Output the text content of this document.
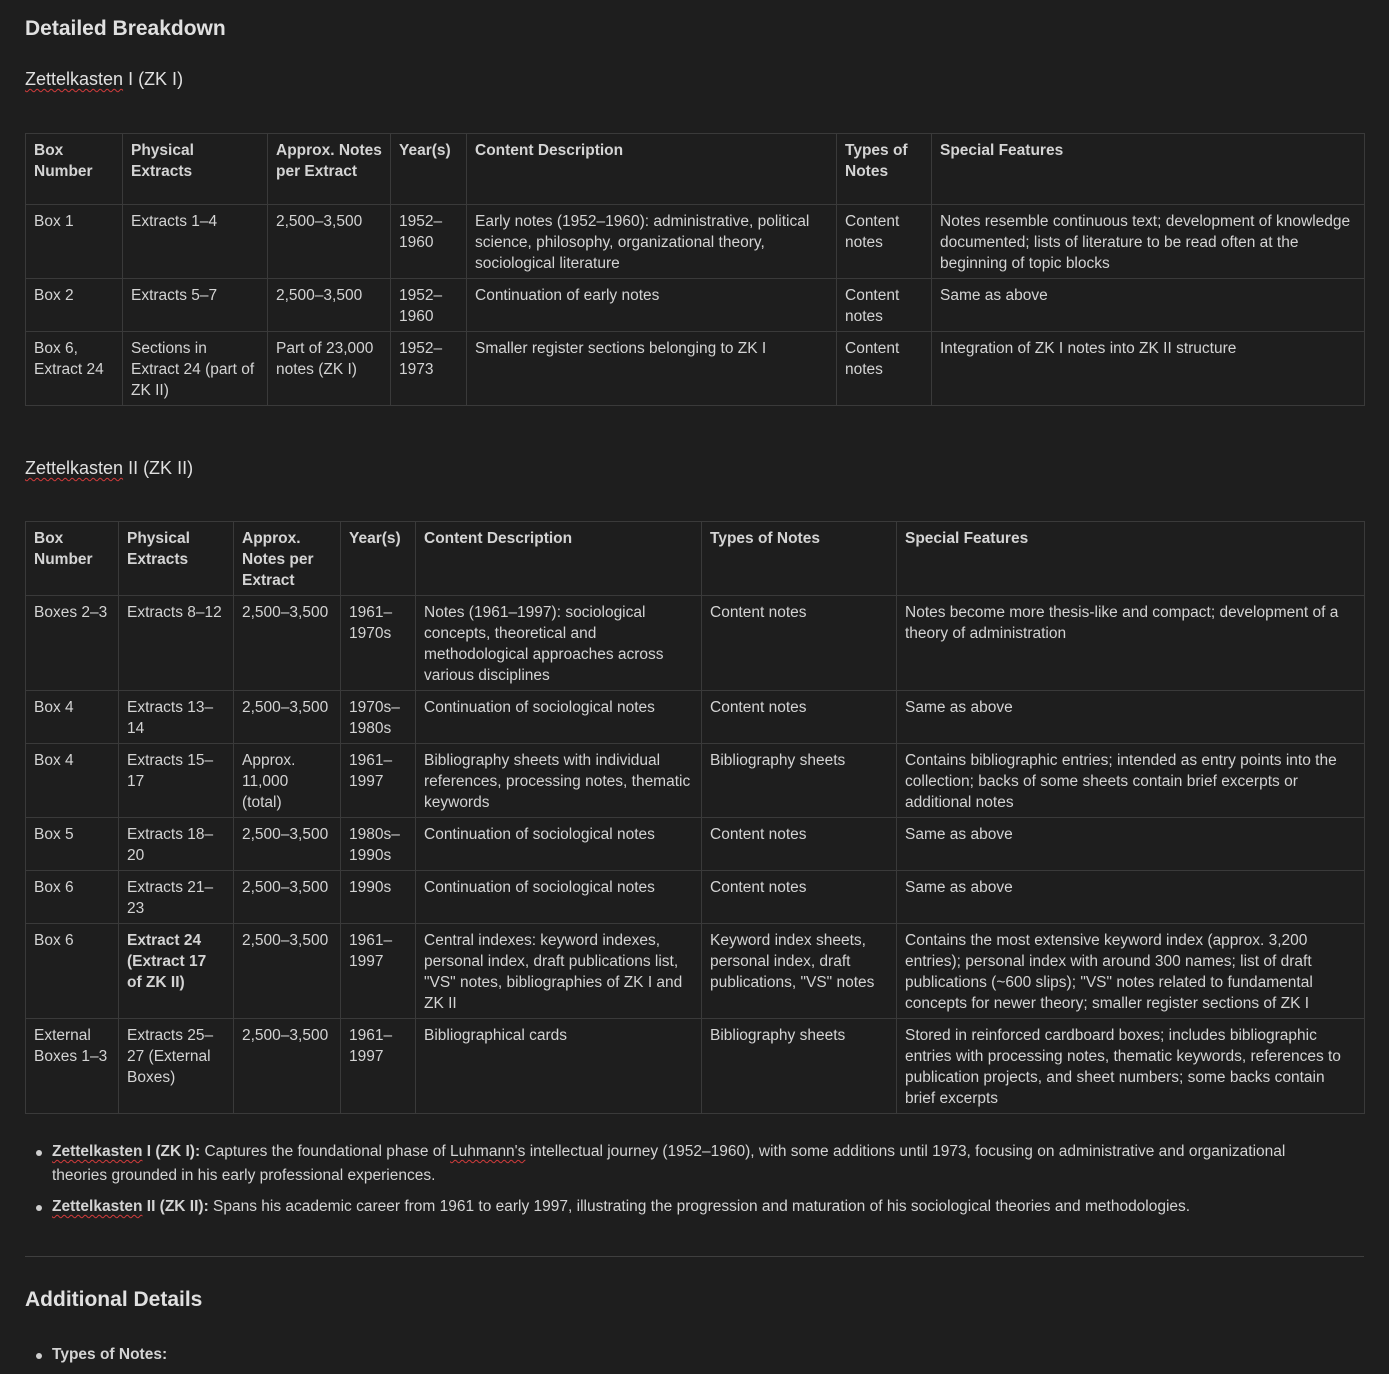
Detailed Breakdown
Zettelkasten I (ZK I)
Box Number	Physical Extracts	Approx. Notes per Extract	Year(s)	Content Description	Types of Notes	Special Features
Box 1	Extracts 1–4	2,500–3,500	1952–1960	Early notes (1952–1960): administrative, political science, philosophy, organizational theory, sociological literature	Content notes	Notes resemble continuous text; development of knowledge documented; lists of literature to be read often at the beginning of topic blocks
Box 2	Extracts 5–7	2,500–3,500	1952–1960	Continuation of early notes	Content notes	Same as above
Box 6, Extract 24	Sections in Extract 24 (part of ZK II)	Part of 23,000 notes (ZK I)	1952–1973	Smaller register sections belonging to ZK I	Content notes	Integration of ZK I notes into ZK II structure
Zettelkasten II (ZK II)
Box Number	Physical Extracts	Approx. Notes per Extract	Year(s)	Content Description	Types of Notes	Special Features
Boxes 2–3	Extracts 8–12	2,500–3,500	1961–1970s	Notes (1961–1997): sociological concepts, theoretical and methodological approaches across various disciplines	Content notes	Notes become more thesis-like and compact; development of a theory of administration
Box 4	Extracts 13–14	2,500–3,500	1970s–1980s	Continuation of sociological notes	Content notes	Same as above
Box 4	Extracts 15–17	Approx. 11,000 (total)	1961–1997	Bibliography sheets with individual references, processing notes, thematic keywords	Bibliography sheets	Contains bibliographic entries; intended as entry points into the collection; backs of some sheets contain brief excerpts or additional notes
Box 5	Extracts 18–20	2,500–3,500	1980s–1990s	Continuation of sociological notes	Content notes	Same as above
Box 6	Extracts 21–23	2,500–3,500	1990s	Continuation of sociological notes	Content notes	Same as above
Box 6	Extract 24 (Extract 17 of ZK II)	2,500–3,500	1961–1997	Central indexes: keyword indexes, personal index, draft publications list, "VS" notes, bibliographies of ZK I and ZK II	Keyword index sheets, personal index, draft publications, "VS" notes	Contains the most extensive keyword index (approx. 3,200 entries); personal index with around 300 names; list of draft publications (~600 slips); "VS" notes related to fundamental concepts for newer theory; smaller register sections of ZK I
External Boxes 1–3	Extracts 25–27 (External Boxes)	2,500–3,500	1961–1997	Bibliographical cards	Bibliography sheets	Stored in reinforced cardboard boxes; includes bibliographic entries with processing notes, thematic keywords, references to publication projects, and sheet numbers; some backs contain brief excerpts
Zettelkasten I (ZK I): Captures the foundational phase of Luhmann's intellectual journey (1952–1960), with some additions until 1973, focusing on administrative and organizational theories grounded in his early professional experiences.
Zettelkasten II (ZK II): Spans his academic career from 1961 to early 1997, illustrating the progression and maturation of his sociological theories and methodologies.
Additional Details
Types of Notes:
